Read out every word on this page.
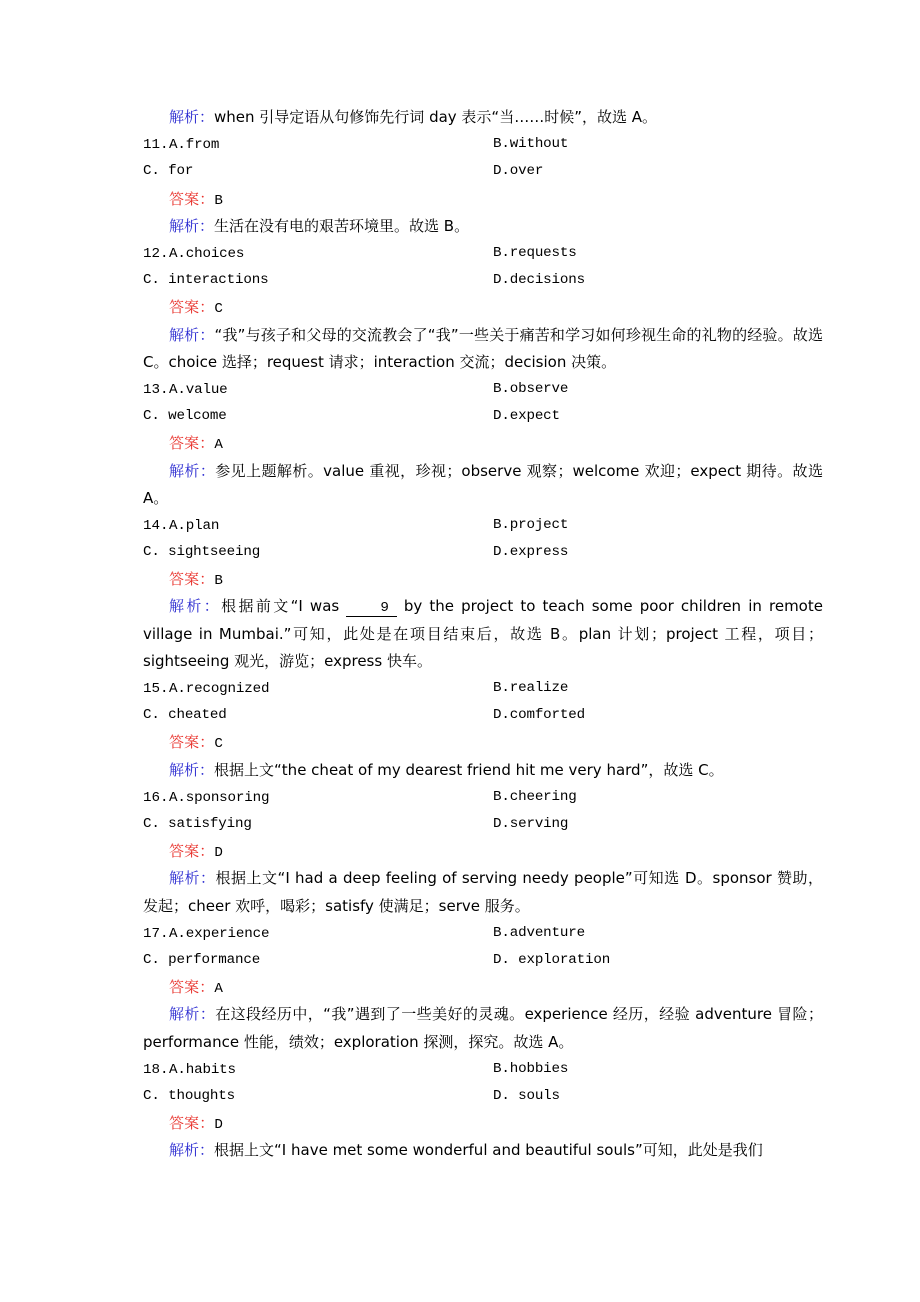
解析：when 引导定语从句修饰先行词 day 表示“当……时候”，故选 A。
11.A.from	B.without
C. for	D.over
答案：B
解析：生活在没有电的艰苦环境里。故选 B。
12.A.choices	B.requests
C. interactions	D.decisions
答案：C
解析：“我”与孩子和父母的交流教会了“我”一些关于痛苦和学习如何珍视生命的礼物的经验。故选 C。choice 选择；request 请求；interaction 交流；decision 决策。
13.A.value	B.observe
C. welcome	D.expect
答案：A
解析：参见上题解析。value 重视，珍视；observe 观察；welcome 欢迎；expect 期待。故选 A。
14.A.plan	B.project
C. sightseeing	D.express
答案：B
解析：根据前文“I was 9 by the project to teach some poor children in remote village in Mumbai.”可知，此处是在项目结束后，故选 B。plan 计划；project 工程，项目；sightseeing 观光，游览；express 快车。
15.A.recognized	B.realize
C. cheated	D.comforted
答案：C
解析：根据上文“the cheat of my dearest friend hit me very hard”，故选 C。
16.A.sponsoring	B.cheering
C. satisfying	D.serving
答案：D
解析：根据上文“I had a deep feeling of serving needy people”可知选 D。sponsor 赞助，发起；cheer 欢呼，喝彩；satisfy 使满足；serve 服务。
17.A.experience	B.adventure
C. performance	D. exploration
答案：A
解析：在这段经历中，“我”遇到了一些美好的灵魂。experience 经历，经验 adventure 冒险；performance 性能，绩效；exploration 探测，探究。故选 A。
18.A.habits	B.hobbies
C. thoughts	D. souls
答案：D
解析：根据上文“I have met some wonderful and beautiful souls”可知，此处是我们
